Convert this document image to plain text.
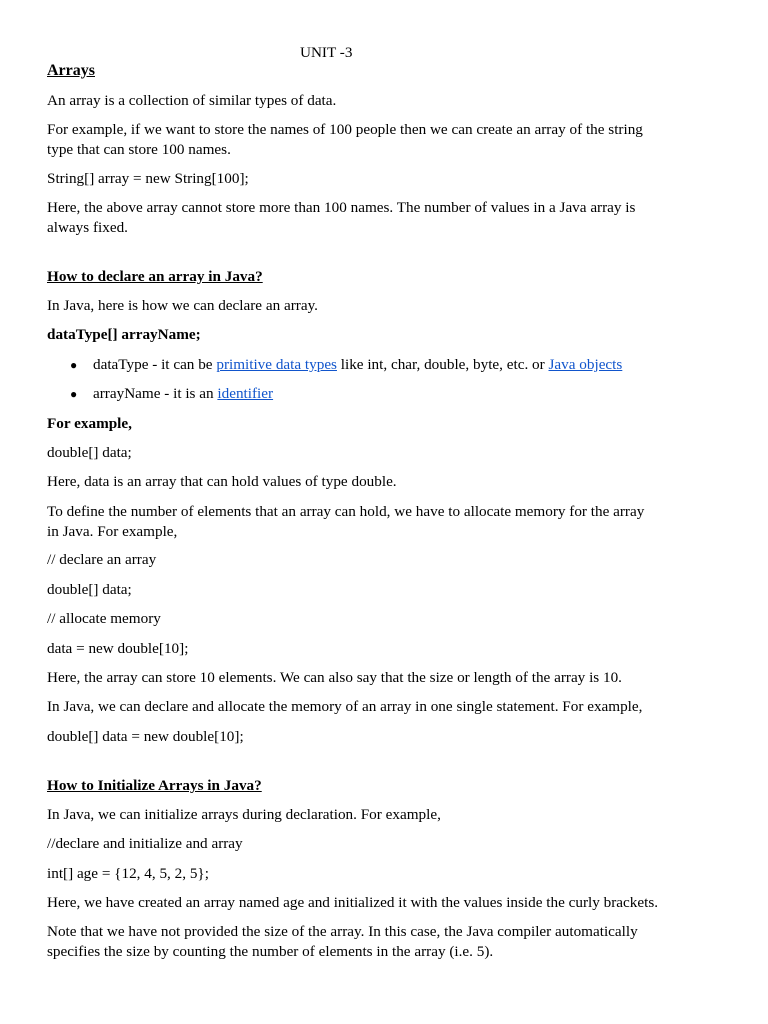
UNIT -3
Arrays
An array is a collection of similar types of data.
For example, if we want to store the names of 100 people then we can create an array of the string
type that can store 100 names.
String[] array = new String[100];
Here, the above array cannot store more than 100 names. The number of values in a Java array is
always fixed.
How to declare an array in Java?
In Java, here is how we can declare an array.
dataType[] arrayName;
● dataType - it can be primitive data types like int, char, double, byte, etc. or Java objects
● arrayName - it is an identifier
For example,
double[] data;
Here, data is an array that can hold values of type double.
To define the number of elements that an array can hold, we have to allocate memory for the array
in Java. For example,
// declare an array
double[] data;
// allocate memory
data = new double[10];
Here, the array can store 10 elements. We can also say that the size or length of the array is 10.
In Java, we can declare and allocate the memory of an array in one single statement. For example,
double[] data = new double[10];
How to Initialize Arrays in Java?
In Java, we can initialize arrays during declaration. For example,
//declare and initialize and array
int[] age = {12, 4, 5, 2, 5};
Here, we have created an array named age and initialized it with the values inside the curly brackets.
Note that we have not provided the size of the array. In this case, the Java compiler automatically
specifies the size by counting the number of elements in the array (i.e. 5).
